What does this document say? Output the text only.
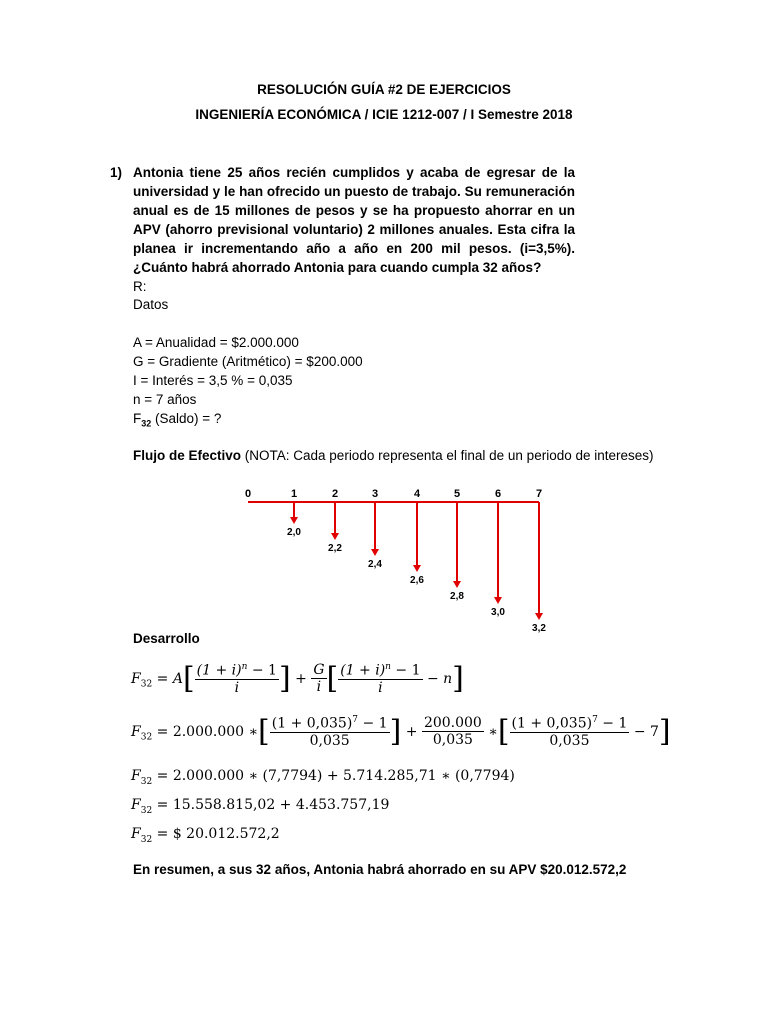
RESOLUCIÓN GUÍA #2 DE EJERCICIOS
INGENIERÍA ECONÓMICA / ICIE 1212-007 / I Semestre 2018
1) Antonia tiene 25 años recién cumplidos y acaba de egresar de la universidad y le han ofrecido un puesto de trabajo. Su remuneración anual es de 15 millones de pesos y se ha propuesto ahorrar en un APV (ahorro previsional voluntario) 2 millones anuales. Esta cifra la planea ir incrementando año a año en 200 mil pesos. (i=3,5%). ¿Cuánto habrá ahorrado Antonia para cuando cumpla 32 años?
R:
Datos
A = Anualidad = $2.000.000
G = Gradiente (Aritmético) = $200.000
I = Interés = 3,5 % = 0,035
n = 7 años
$F_{32}$ (Saldo) = ?
Flujo de Efectivo (NOTA: Cada periodo representa el final de un periodo de intereses)
0	1	2	3	4	5	6	7
2,0
2,2
2,4
2,6
2,8
3,0
3,2
Desarrollo
$F_{32} = A[ \frac{(1 + i)^n - 1}{i}$ ] + $\frac{G}{i}$ [ $\frac{(1 + i)^n - 1}{i} - n$]
$F_{32} = 2.000.000$ ∗[ $\frac{(1 + 0,035)^7 - 1}{0,035}$ ] + $\frac{200.000}{0,035}$ ∗[ $\frac{(1 + 0,035)^7 - 1}{0,035} - 7$]
$F_{32} = 2.000.000$ ∗ (7,7794) + 5.714.285,71 ∗ (0,7794)
$F_{32} = 15.558.815,02 + 4.453.757,19$
$F_{32}$ = $ 20.012.572,2
En resumen, a sus 32 años, Antonia habrá ahorrado en su APV $20.012.572,2
